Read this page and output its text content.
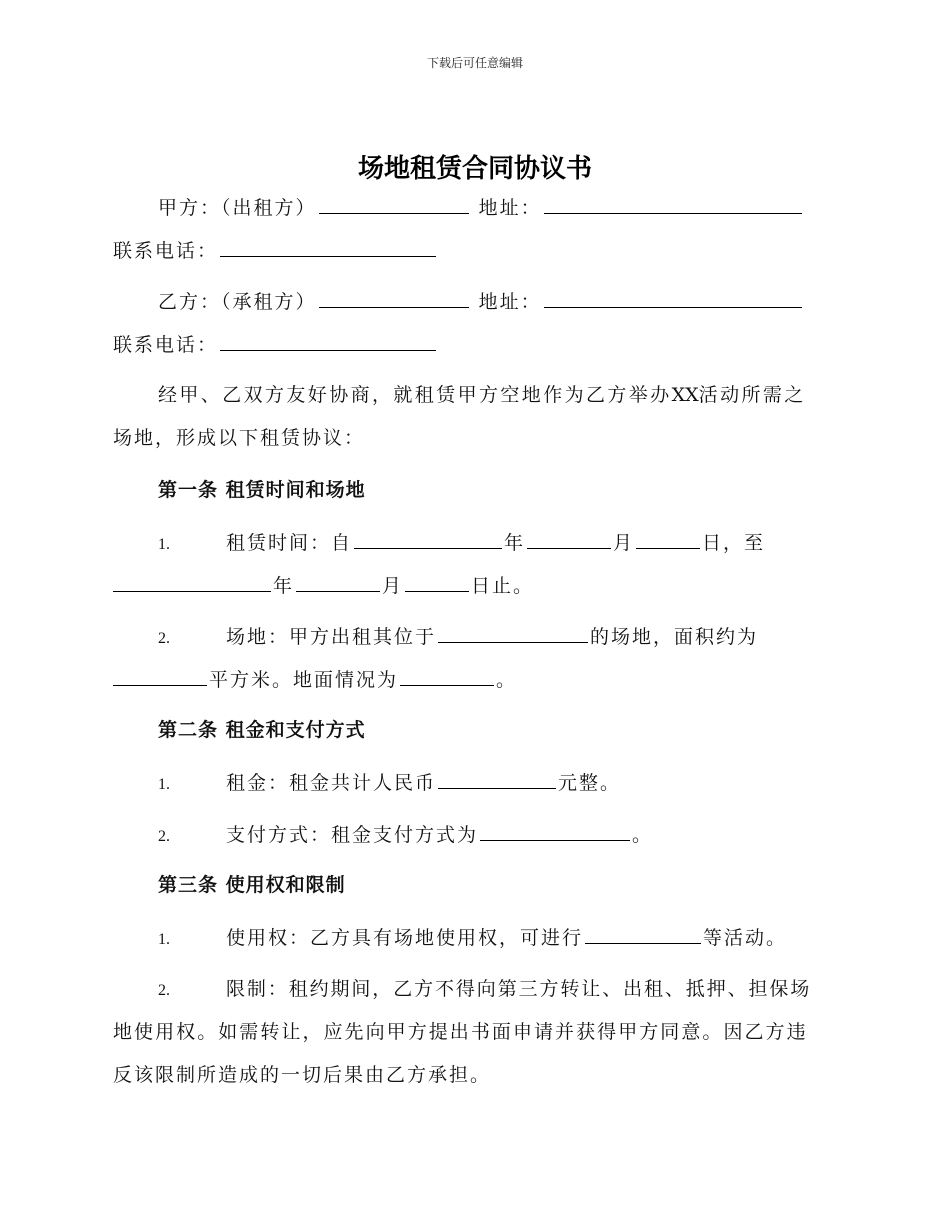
下载后可任意编辑
场地租赁合同协议书
甲方：（出租方）	地址：
联系电话：
乙方：（承租方）	地址：
联系电话：
经甲、乙双方友好协商，就租赁甲方空地作为乙方举办XX活动所需之
场地，形成以下租赁协议：
第一条 租赁时间和场地
1.	租赁时间：自	年	月	日，至
年	月	日止。
2.	场地：甲方出租其位于	的场地，面积约为
平方米。地面情况为	。
第二条 租金和支付方式
1.	租金：租金共计人民币	元整。
2.	支付方式：租金支付方式为	。
第三条 使用权和限制
1.	使用权：乙方具有场地使用权，可进行	等活动。
2.	限制：租约期间，乙方不得向第三方转让、出租、抵押、担保场
地使用权。如需转让，应先向甲方提出书面申请并获得甲方同意。因乙方违
反该限制所造成的一切后果由乙方承担。
